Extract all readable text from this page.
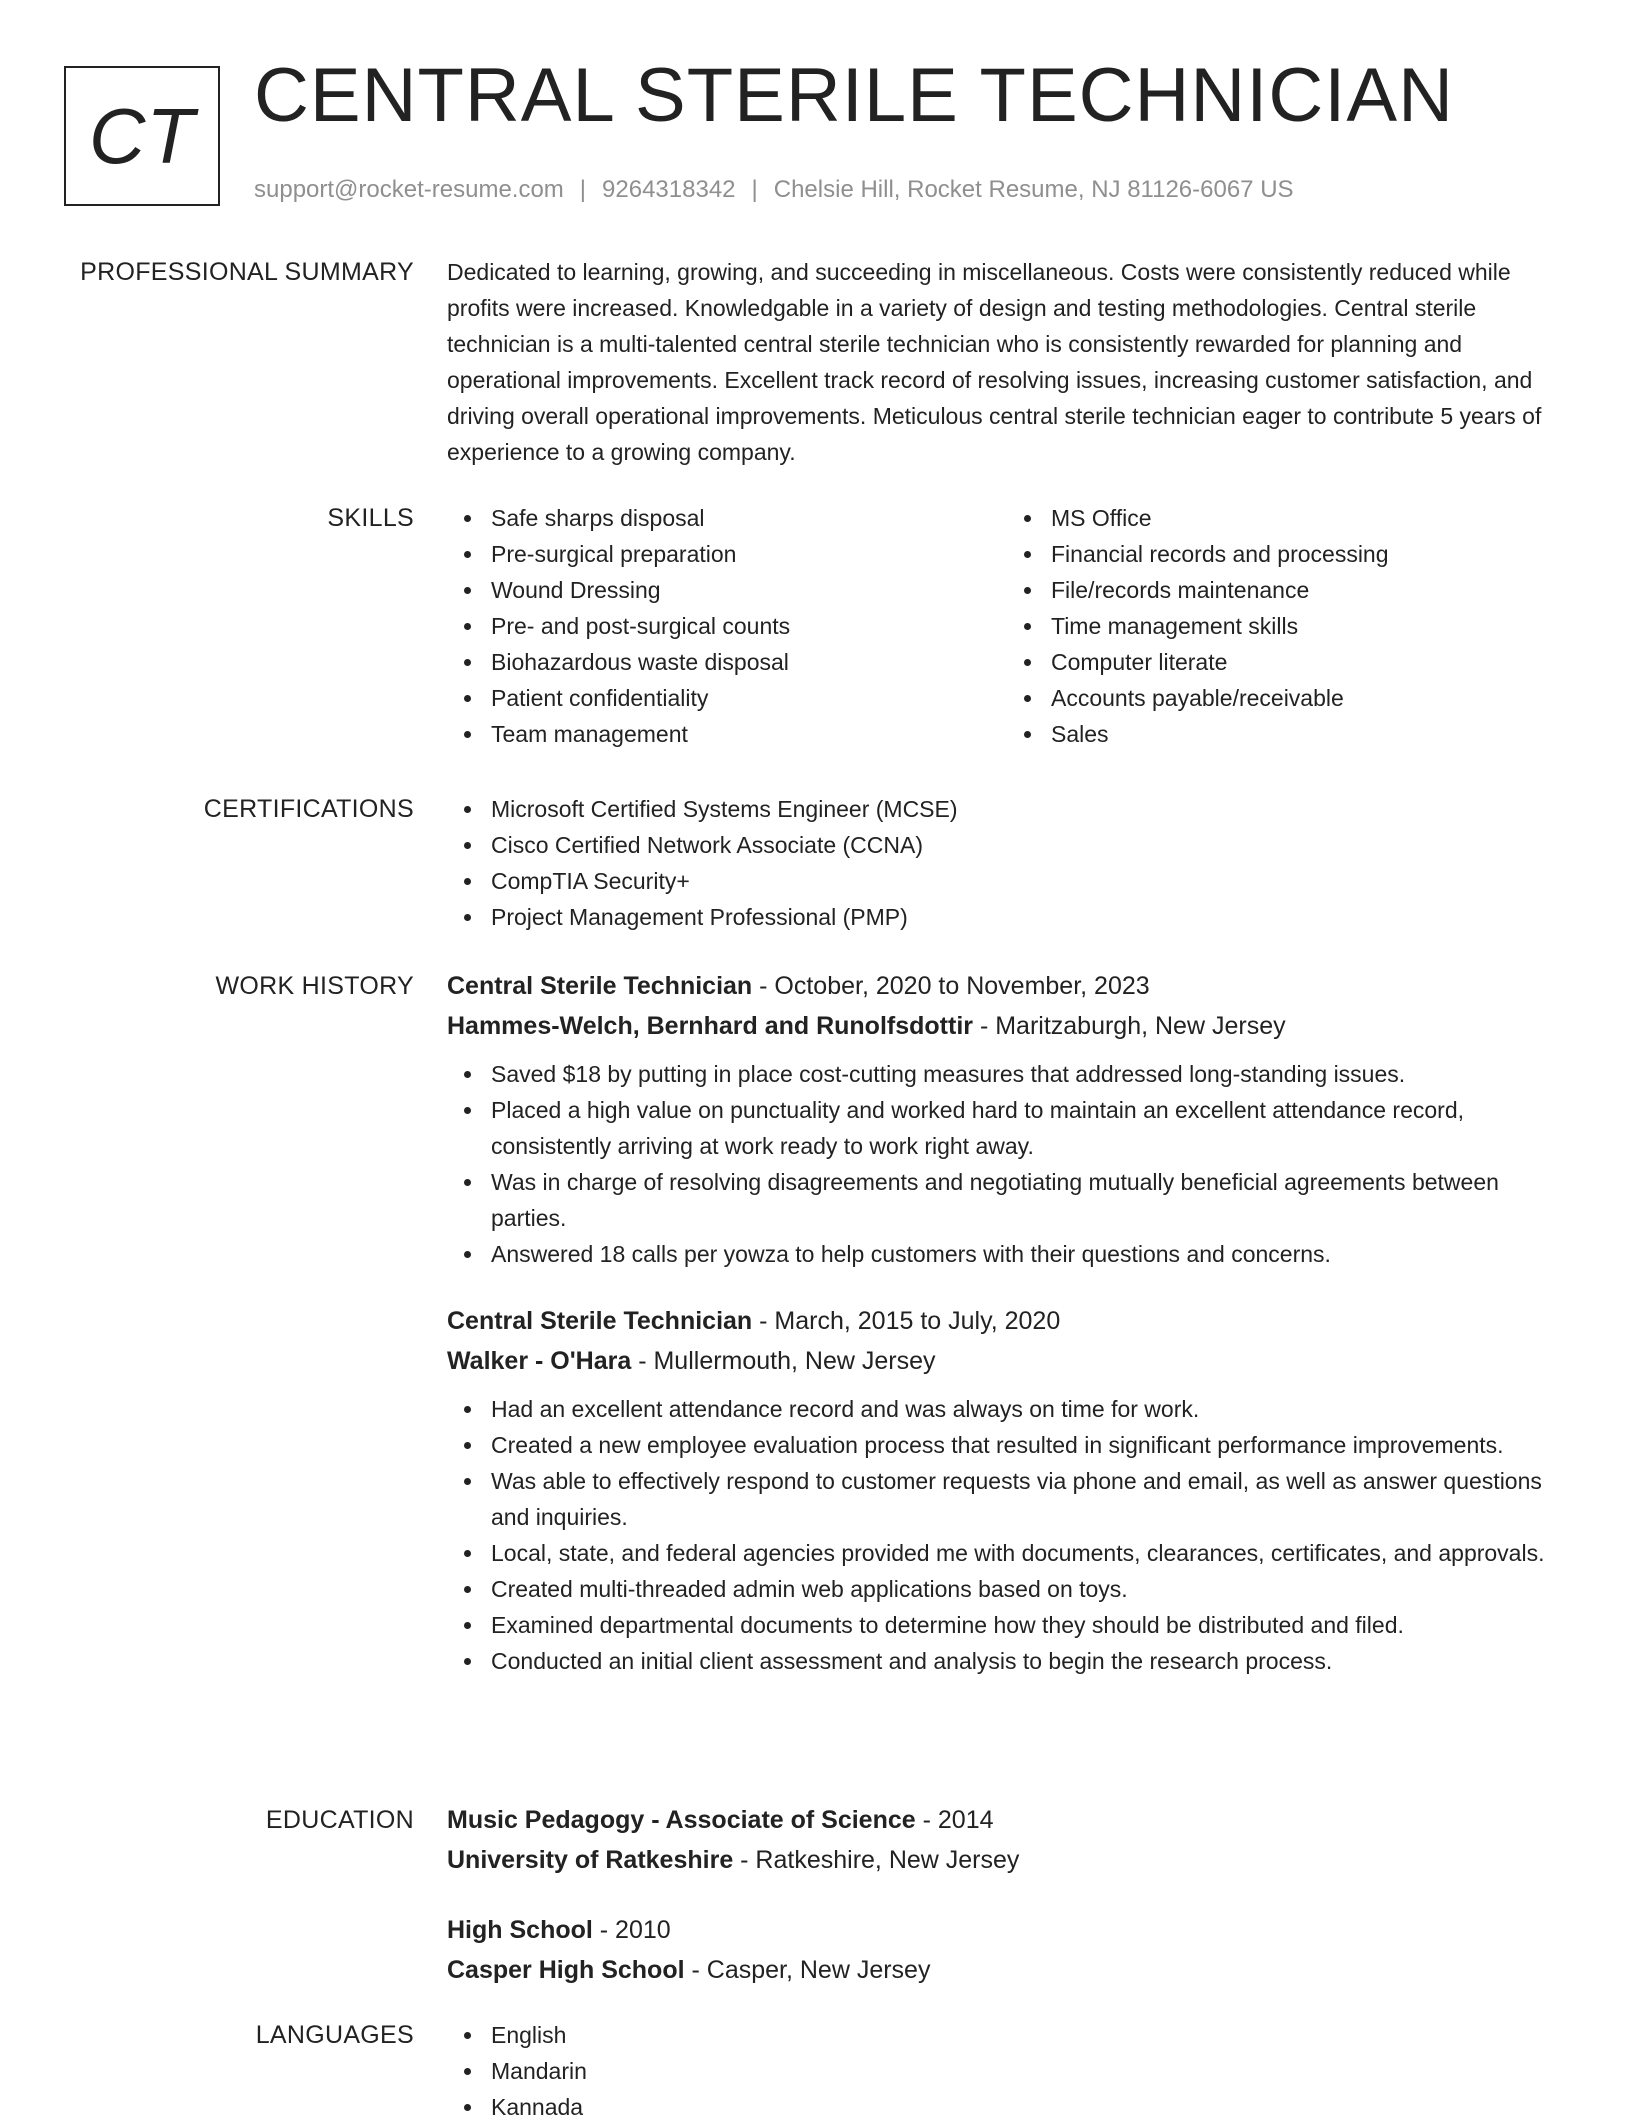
CT CENTRAL STERILE TECHNICIAN
support@rocket-resume.com | 9264318342 | Chelsie Hill, Rocket Resume, NJ 81126-6067 US
PROFESSIONAL SUMMARY Dedicated to learning, growing, and succeeding in miscellaneous. Costs were consistently reduced while profits were increased. Knowledgable in a variety of design and testing methodologies. Central sterile technician is a multi-talented central sterile technician who is consistently rewarded for planning and operational improvements. Excellent track record of resolving issues, increasing customer satisfaction, and driving overall operational improvements. Meticulous central sterile technician eager to contribute 5 years of experience to a growing company.
SKILLS	Safe sharps disposal
Pre-surgical preparation
Wound Dressing
Pre- and post-surgical counts
Biohazardous waste disposal
Patient confidentiality
Team management
MS Office
Financial records and processing
File/records maintenance
Time management skills
Computer literate
Accounts payable/receivable
Sales
CERTIFICATIONS	Microsoft Certified Systems Engineer (MCSE)
Cisco Certified Network Associate (CCNA)
CompTIA Security+
Project Management Professional (PMP)
WORK HISTORY Central Sterile Technician - October, 2020 to November, 2023
Hammes-Welch, Bernhard and Runolfsdottir - Maritzaburgh, New Jersey
Saved $18 by putting in place cost-cutting measures that addressed long-standing issues.
Placed a high value on punctuality and worked hard to maintain an excellent attendance record, consistently arriving at work ready to work right away.
Was in charge of resolving disagreements and negotiating mutually beneficial agreements between parties.
Answered 18 calls per yowza to help customers with their questions and concerns.
Central Sterile Technician - March, 2015 to July, 2020
Walker - O'Hara - Mullermouth, New Jersey
Had an excellent attendance record and was always on time for work.
Created a new employee evaluation process that resulted in significant performance improvements.
Was able to effectively respond to customer requests via phone and email, as well as answer questions and inquiries.
Local, state, and federal agencies provided me with documents, clearances, certificates, and approvals.
Created multi-threaded admin web applications based on toys.
Examined departmental documents to determine how they should be distributed and filed.
Conducted an initial client assessment and analysis to begin the research process.
EDUCATION Music Pedagogy - Associate of Science - 2014
University of Ratkeshire - Ratkeshire, New Jersey
High School - 2010
Casper High School - Casper, New Jersey
LANGUAGES	English
Mandarin
Kannada
